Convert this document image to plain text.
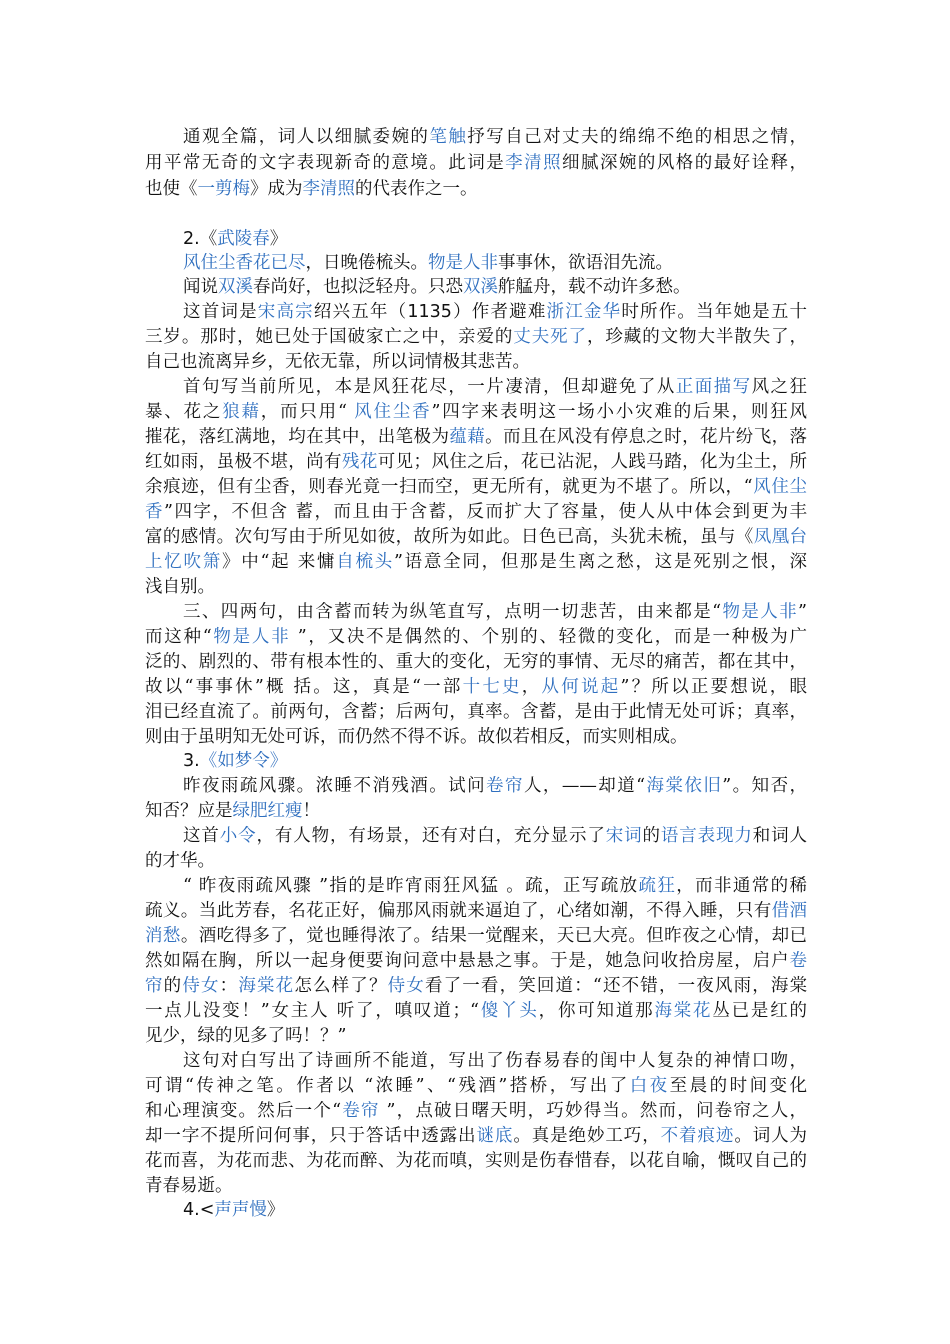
通观全篇，词人以细腻委婉的笔触抒写自己对丈夫的绵绵不绝的相思之情，
用平常无奇的文字表现新奇的意境。此词是李清照细腻深婉的风格的最好诠释，
也使《一剪梅》成为李清照的代表作之一。
2.《武陵春》
风住尘香花已尽，日晚倦梳头。物是人非事事休，欲语泪先流。
闻说双溪春尚好，也拟泛轻舟。只恐双溪舴艋舟，载不动许多愁。
这首词是宋高宗绍兴五年（1135）作者避难浙江金华时所作。当年她是五十
三岁。那时，她已处于国破家亡之中，亲爱的丈夫死了，珍藏的文物大半散失了，
自己也流离异乡，无依无靠，所以词情极其悲苦。
首句写当前所见，本是风狂花尽，一片凄清，但却避免了从正面描写风之狂
暴、花之狼藉，而只用“ 风住尘香”四字来表明这一场小小灾难的后果，则狂风
摧花，落红满地，均在其中，出笔极为蕴藉。而且在风没有停息之时，花片纷飞，落
红如雨，虽极不堪，尚有残花可见；风住之后，花已沾泥，人践马踏，化为尘土，所
余痕迹，但有尘香，则春光竟一扫而空，更无所有，就更为不堪了。所以，“风住尘
香”四字，不但含 蓄，而且由于含蓄，反而扩大了容量，使人从中体会到更为丰
富的感情。次句写由于所见如彼，故所为如此。日色已高，头犹未梳，虽与《凤凰台
上忆吹箫》中“起 来慵自梳头”语意全同，但那是生离之愁，这是死别之恨，深
浅自别。
三、四两句，由含蓄而转为纵笔直写，点明一切悲苦，由来都是“物是人非”
而这种“物是人非 ”，又决不是偶然的、个别的、轻微的变化，而是一种极为广
泛的、剧烈的、带有根本性的、重大的变化，无穷的事情、无尽的痛苦，都在其中，
故以“事事休”概 括。这，真是“一部十七史，从何说起”？所以正要想说，眼
泪已经直流了。前两句，含蓄；后两句，真率。含蓄，是由于此情无处可诉；真率，
则由于虽明知无处可诉，而仍然不得不诉。故似若相反，而实则相成。
3.《如梦令》
昨夜雨疏风骤。浓睡不消残酒。试问卷帘人，——却道“海棠依旧”。知否，
知否？应是绿肥红瘦！
这首小令，有人物，有场景，还有对白，充分显示了宋词的语言表现力和词人
的才华。
“ 昨夜雨疏风骤 ”指的是昨宵雨狂风猛 。疏，正写疏放疏狂，而非通常的稀
疏义。当此芳春，名花正好，偏那风雨就来逼迫了，心绪如潮，不得入睡，只有借酒
消愁。酒吃得多了，觉也睡得浓了。结果一觉醒来，天已大亮。但昨夜之心情，却已
然如隔在胸，所以一起身便要询问意中悬悬之事。于是，她急问收拾房屋，启户卷
帘的侍女：海棠花怎么样了？侍女看了一看，笑回道：“还不错，一夜风雨，海棠
一点儿没变！”女主人 听了，嗔叹道；“傻丫头，你可知道那海棠花丛已是红的
见少，绿的见多了吗！？”
这句对白写出了诗画所不能道，写出了伤春易春的闺中人复杂的神情口吻，
可谓“传神之笔。作者以 “浓睡”、“残酒”搭桥，写出了白夜至晨的时间变化
和心理演变。然后一个“卷帘 ”，点破日曙天明，巧妙得当。然而，问卷帘之人，
却一字不提所问何事，只于答话中透露出谜底。真是绝妙工巧，不着痕迹。词人为
花而喜，为花而悲、为花而醉、为花而嗔，实则是伤春惜春，以花自喻，慨叹自己的
青春易逝。
4.<声声慢》
